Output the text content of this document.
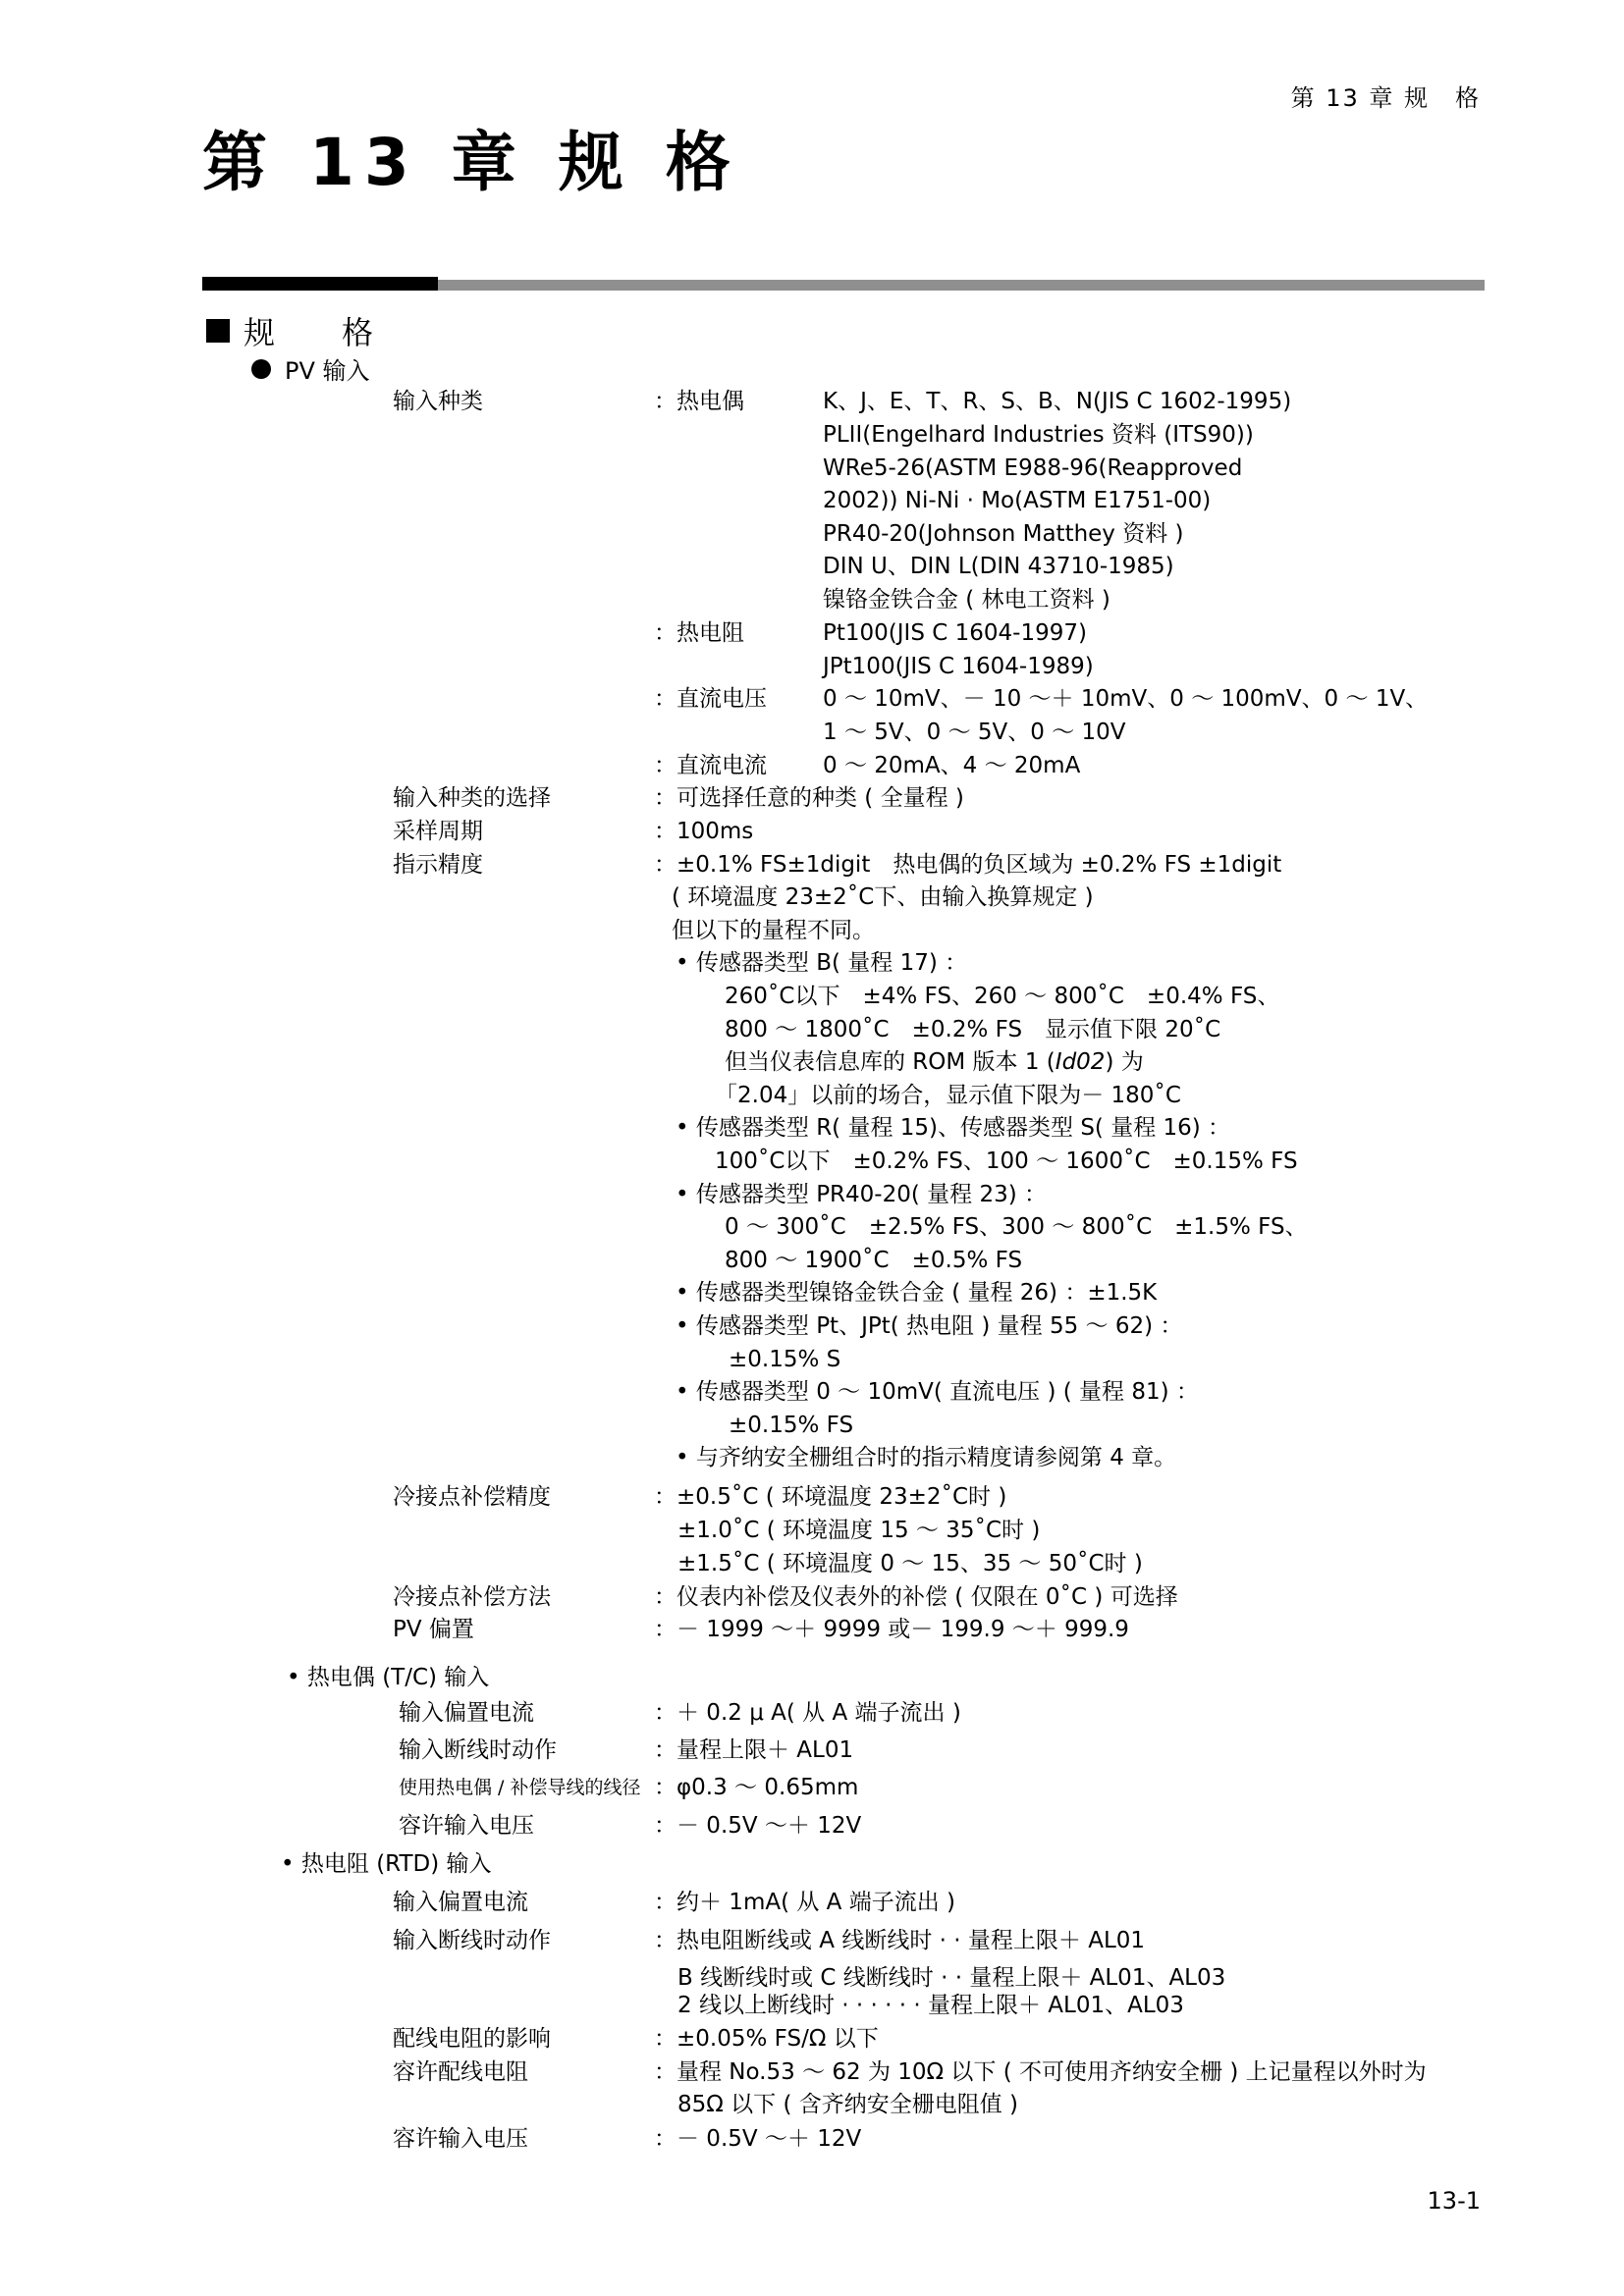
第 13 章 规　格
第 13 章 规 格
规　格
PV 输入
输入种类	：热电偶	K、J、E、T、R、S、B、N(JIS C 1602-1995)
PLII(Engelhard Industries 资料 (ITS90))
WRe5-26(ASTM E988-96(Reapproved
2002)) Ni-Ni · Mo(ASTM E1751-00)
PR40-20(Johnson Matthey 资料 )
DIN U、DIN L(DIN 43710-1985)
镍铬金铁合金 ( 林电工资料 )
：热电阻	Pt100(JIS C 1604-1997)
JPt100(JIS C 1604-1989)
：直流电压 0 ～ 10mV、－ 10 ～＋ 10mV、0 ～ 100mV、0 ～ 1V、
1 ～ 5V、0 ～ 5V、0 ～ 10V
：直流电流 0 ～ 20mA、4 ～ 20mA
输入种类的选择	：可选择任意的种类 ( 全量程 )
采样周期	：100ms
指示精度	：±0.1% FS±1digit　热电偶的负区域为 ±0.2% FS ±1digit
( 环境温度 23±2˚C下、由输入换算规定 )
但以下的量程不同。
• 传感器类型 B( 量程 17) ：
260˚C以下　±4% FS、260 ～ 800˚C　±0.4% FS、
800 ～ 1800˚C　±0.2% FS　显示值下限 20˚C
但当仪表信息库的 ROM 版本 1 (Id02) 为
「2.04」以前的场合，显示值下限为－ 180˚C
• 传感器类型 R( 量程 15)、传感器类型 S( 量程 16) ：
100˚C以下　±0.2% FS、100 ～ 1600˚C　±0.15% FS
• 传感器类型 PR40-20( 量程 23) ：
0 ～ 300˚C　±2.5% FS、300 ～ 800˚C　±1.5% FS、
800 ～ 1900˚C　±0.5% FS
• 传感器类型镍铬金铁合金 ( 量程 26) ：±1.5K
• 传感器类型 Pt、JPt( 热电阻 ) 量程 55 ～ 62) ：
±0.15% S
• 传感器类型 0 ～ 10mV( 直流电压 ) ( 量程 81) ：
±0.15% FS
• 与齐纳安全栅组合时的指示精度请参阅第 4 章。
冷接点补偿精度	：±0.5˚C ( 环境温度 23±2˚C时 )
±1.0˚C ( 环境温度 15 ～ 35˚C时 )
±1.5˚C ( 环境温度 0 ～ 15、35 ～ 50˚C时 )
冷接点补偿方法	：仪表内补偿及仪表外的补偿 ( 仅限在 0˚C ) 可选择
PV 偏置	：－ 1999 ～＋ 9999 或－ 199.9 ～＋ 999.9
• 热电偶 (T/C) 输入
输入偏置电流	：＋ 0.2 μ A( 从 A 端子流出 )
输入断线时动作	：量程上限＋ AL01
使用热电偶 / 补偿导线的线径 ：φ0.3 ～ 0.65mm
容许输入电压	：－ 0.5V ～＋ 12V
• 热电阻 (RTD) 输入
输入偏置电流	：约＋ 1mA( 从 A 端子流出 )
输入断线时动作	：热电阻断线或 A 线断线时 · · 量程上限＋ AL01
B 线断线时或 C 线断线时 · · 量程上限＋ AL01、AL03
2 线以上断线时 · · · · · · 量程上限＋ AL01、AL03
配线电阻的影响	：±0.05% FS/Ω 以下
容许配线电阻	：量程 No.53 ～ 62 为 10Ω 以下 ( 不可使用齐纳安全栅 ) 上记量程以外时为
85Ω 以下 ( 含齐纳安全栅电阻值 )
容许输入电压	：－ 0.5V ～＋ 12V
13-1
